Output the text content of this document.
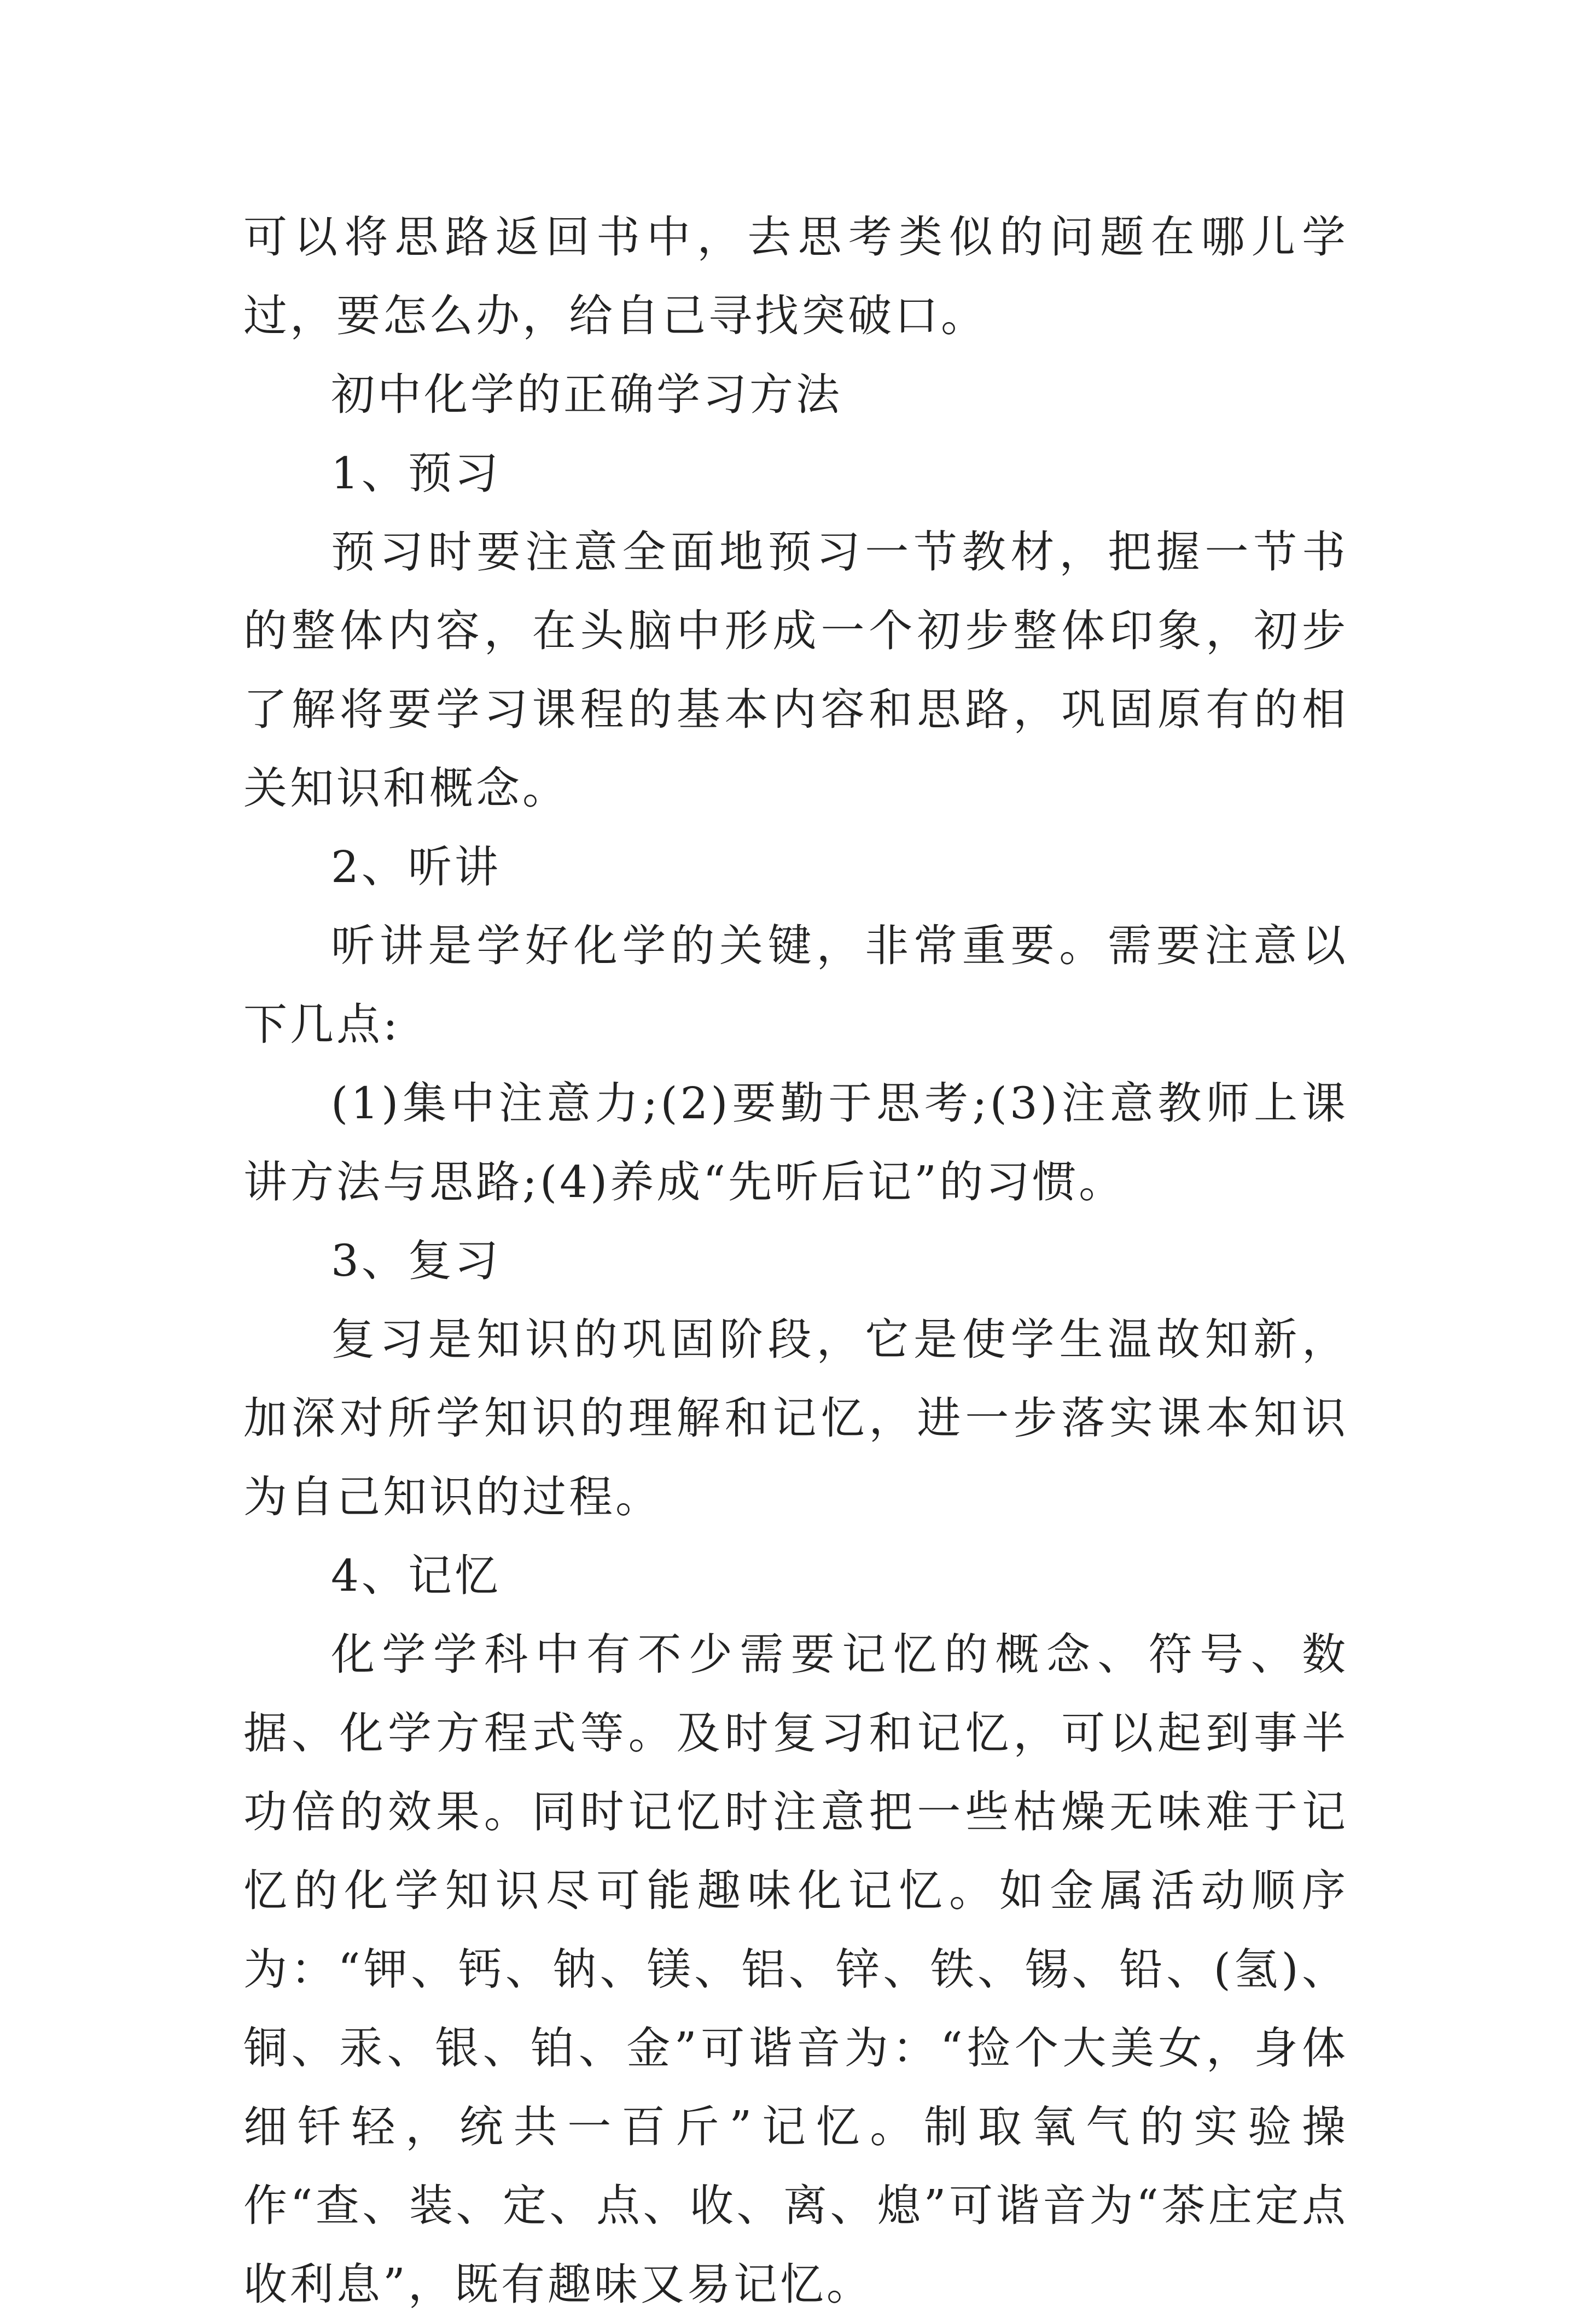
可以将思路返回书中，去思考类似的问题在哪儿学过，要怎么办，给自己寻找突破口。

初中化学的正确学习方法

1、预习

预习时要注意全面地预习一节教材，把握一节书的整体内容，在头脑中形成一个初步整体印象，初步了解将要学习课程的基本内容和思路，巩固原有的相关知识和概念。

2、听讲

听讲是学好化学的关键，非常重要。需要注意以下几点:

(1)集中注意力;(2)要勤于思考;(3)注意教师上课讲方法与思路;(4)养成“先听后记”的习惯。

3、复习

复习是知识的巩固阶段，它是使学生温故知新，加深对所学知识的理解和记忆，进一步落实课本知识为自己知识的过程。

4、记忆

化学学科中有不少需要记忆的概念、符号、数据、化学方程式等。及时复习和记忆，可以起到事半功倍的效果。同时记忆时注意把一些枯燥无味难于记忆的化学知识尽可能趣味化记忆。如金属活动顺序为：“钾、钙、钠、镁、铝、锌、铁、锡、铅、(氢)、铜、汞、银、铂、金”可谐音为：“捡个大美女，身体细钎轻，统共一百斤”记忆。制取氧气的实验操作“查、装、定、点、收、离、熄”可谐音为“茶庄定点收利息”，既有趣味又易记忆。
